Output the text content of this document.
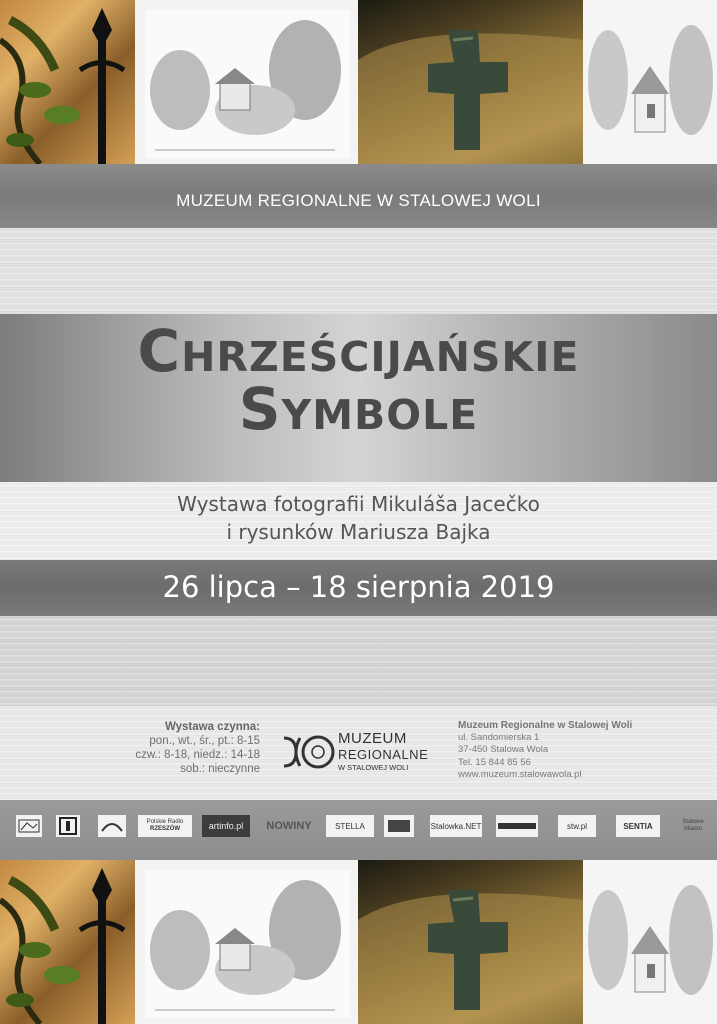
MUZEUM REGIONALNE W STALOWEJ WOLI
Chrześcijańskie
Symbole
Wystawa fotografii Mikuláša Jacečko
i rysunków Mariusza Bajka
26 lipca – 18 sierpnia 2019
Wystawa czynna:
pon., wt., śr., pt.: 8-15
czw.: 8-18, niedz.: 14-18
sob.: nieczynne
MUZEUM
REGIONALNE
W STALOWEJ WOLI
Muzeum Regionalne w Stalowej Woli
ul. Sandomierska 1
37-450 Stalowa Wola
Tel. 15 844 85 56
www.muzeum.stalowawola.pl
Polskie Radio
RZESZÓW	artinfo.pl	NOWINY	STELLA	Stalowka.NET	stw.pl	SENTIA	Stalowe Miasto
